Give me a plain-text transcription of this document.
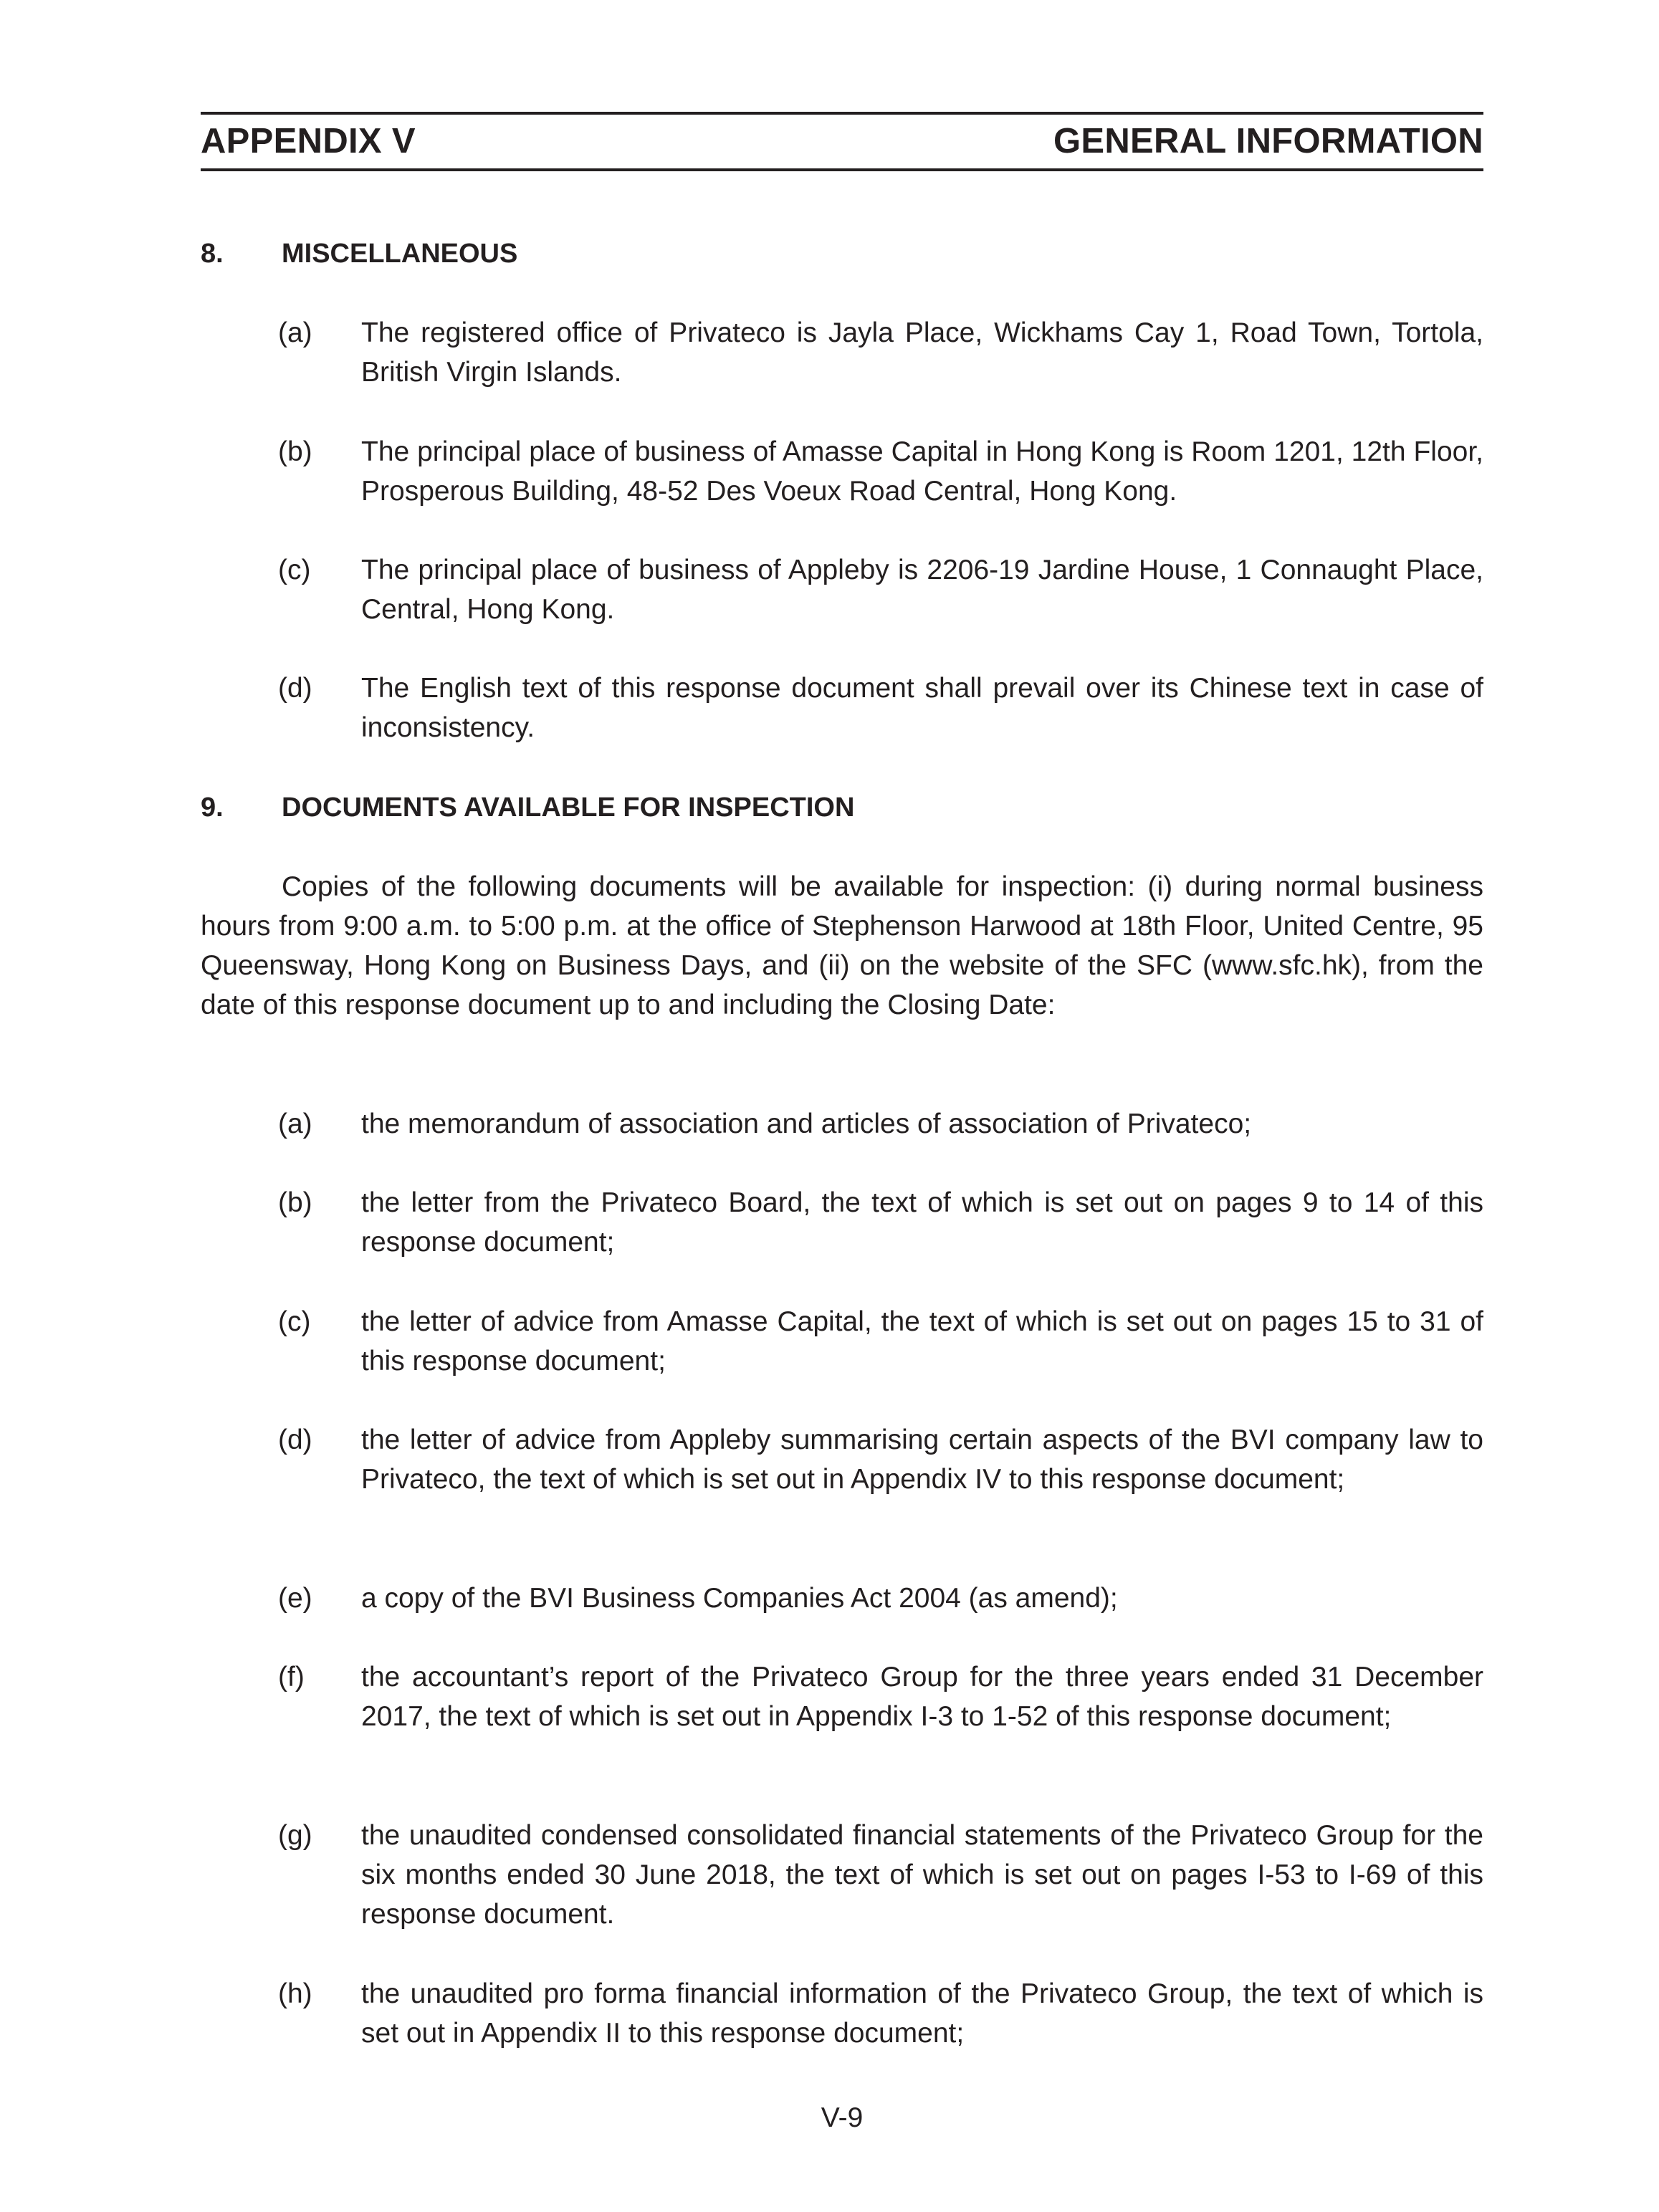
APPENDIX V	GENERAL INFORMATION
8. MISCELLANEOUS
(a) The registered office of Privateco is Jayla Place, Wickhams Cay 1, Road Town, Tortola, British Virgin Islands.
(b) The principal place of business of Amasse Capital in Hong Kong is Room 1201, 12th Floor, Prosperous Building, 48-52 Des Voeux Road Central, Hong Kong.
(c) The principal place of business of Appleby is 2206-19 Jardine House, 1 Connaught Place, Central, Hong Kong.
(d) The English text of this response document shall prevail over its Chinese text in case of inconsistency.
9. DOCUMENTS AVAILABLE FOR INSPECTION
Copies of the following documents will be available for inspection: (i) during normal business hours from 9:00 a.m. to 5:00 p.m. at the office of Stephenson Harwood at 18th Floor, United Centre, 95 Queensway, Hong Kong on Business Days, and (ii) on the website of the SFC (www.sfc.hk), from the date of this response document up to and including the Closing Date:
(a) the memorandum of association and articles of association of Privateco;
(b) the letter from the Privateco Board, the text of which is set out on pages 9 to 14 of this response document;
(c) the letter of advice from Amasse Capital, the text of which is set out on pages 15 to 31 of this response document;
(d) the letter of advice from Appleby summarising certain aspects of the BVI company law to Privateco, the text of which is set out in Appendix IV to this response document;
(e) a copy of the BVI Business Companies Act 2004 (as amend);
(f) the accountant’s report of the Privateco Group for the three years ended 31 December 2017, the text of which is set out in Appendix I-3 to 1-52 of this response document;
(g) the unaudited condensed consolidated financial statements of the Privateco Group for the six months ended 30 June 2018, the text of which is set out on pages I-53 to I-69 of this response document.
(h) the unaudited pro forma financial information of the Privateco Group, the text of which is set out in Appendix II to this response document;
V-9
